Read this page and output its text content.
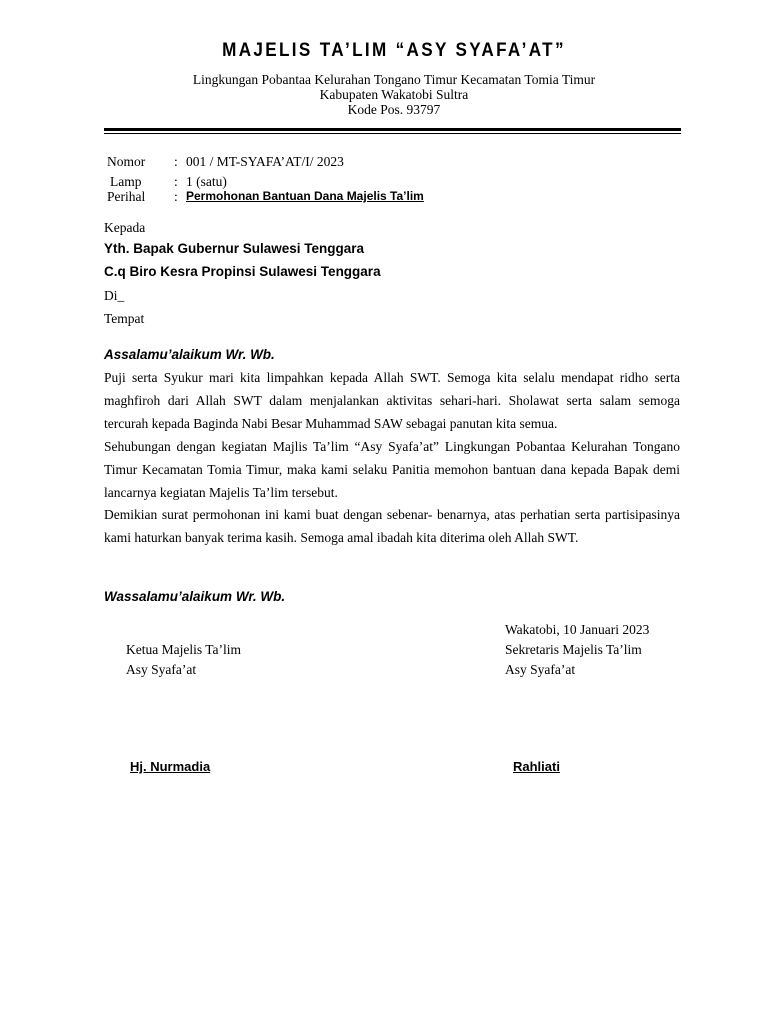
MAJELIS TA’LIM “ASY SYAFA’AT”
Lingkungan Pobantaa Kelurahan Tongano Timur Kecamatan Tomia Timur
Kabupaten Wakatobi Sultra
Kode Pos. 93797
Nomor : 001 / MT-SYAFA’AT/I/ 2023
Lamp : 1 (satu)
Perihal : Permohonan Bantuan Dana Majelis Ta’lim
Kepada
Yth. Bapak Gubernur Sulawesi Tenggara
C.q Biro Kesra Propinsi Sulawesi Tenggara
Di_
Tempat
Assalamu’alaikum Wr. Wb.
Puji serta Syukur mari kita limpahkan kepada Allah SWT. Semoga kita selalu mendapat ridho serta maghfiroh dari Allah SWT dalam menjalankan aktivitas sehari-hari. Sholawat serta salam semoga tercurah kepada Baginda Nabi Besar Muhammad SAW sebagai panutan kita semua.
Sehubungan dengan kegiatan Majlis Ta’lim “Asy Syafa’at” Lingkungan Pobantaa Kelurahan Tongano Timur Kecamatan Tomia Timur, maka kami selaku Panitia memohon bantuan dana kepada Bapak demi lancarnya kegiatan Majelis Ta’lim tersebut.
Demikian surat permohonan ini kami buat dengan sebenar- benarnya, atas perhatian serta partisipasinya kami haturkan banyak terima kasih. Semoga amal ibadah kita diterima oleh Allah SWT.
Wassalamu’alaikum Wr. Wb.
Wakatobi, 10 Januari 2023
Ketua Majelis Ta’lim
Asy Syafa’at
Sekretaris Majelis Ta’lim
Asy Syafa’at
Hj. Nurmadia	Rahliati
